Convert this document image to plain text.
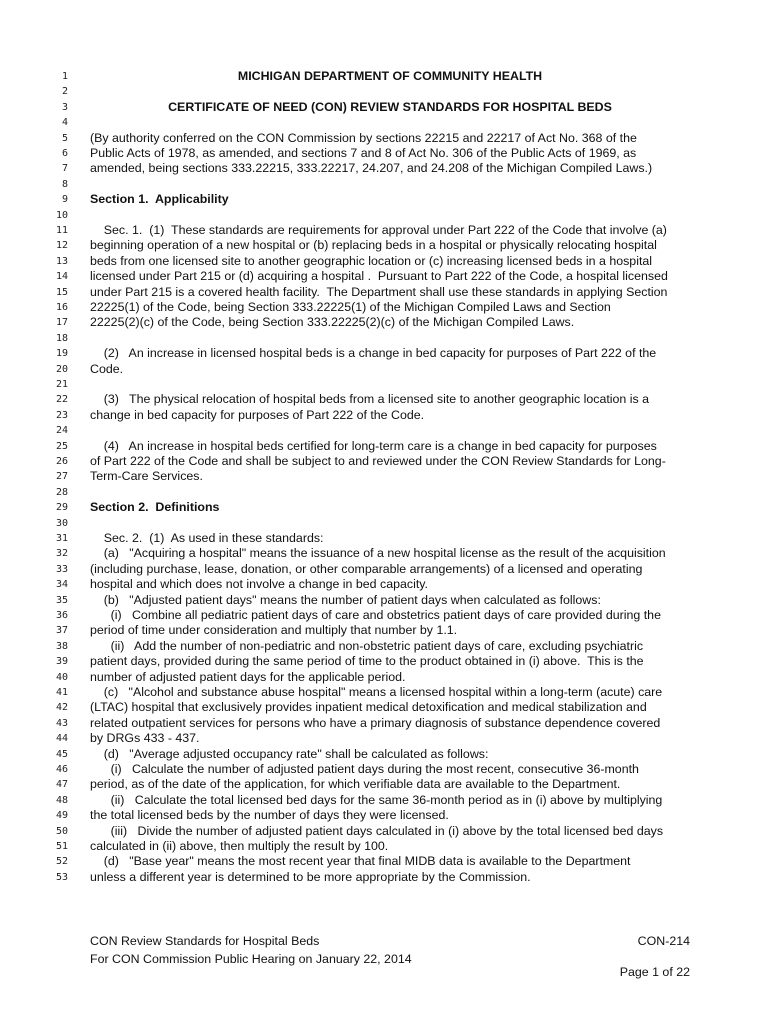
1	MICHIGAN DEPARTMENT OF COMMUNITY HEALTH
2
3	CERTIFICATE OF NEED (CON) REVIEW STANDARDS FOR HOSPITAL BEDS
4
5 (By authority conferred on the CON Commission by sections 22215 and 22217 of Act No. 368 of the
6 Public Acts of 1978, as amended, and sections 7 and 8 of Act No. 306 of the Public Acts of 1969, as
7 amended, being sections 333.22215, 333.22217, 24.207, and 24.208 of the Michigan Compiled Laws.)
8
9 Section 1.  Applicability
10
11 Sec. 1.  (1)  These standards are requirements for approval under Part 222 of the Code that involve (a)
12 beginning operation of a new hospital or (b) replacing beds in a hospital or physically relocating hospital
13 beds from one licensed site to another geographic location or (c) increasing licensed beds in a hospital
14 licensed under Part 215 or (d) acquiring a hospital .  Pursuant to Part 222 of the Code, a hospital licensed
15 under Part 215 is a covered health facility.  The Department shall use these standards in applying Section
16 22225(1) of the Code, being Section 333.22225(1) of the Michigan Compiled Laws and Section
17 22225(2)(c) of the Code, being Section 333.22225(2)(c) of the Michigan Compiled Laws.
18
19 (2)   An increase in licensed hospital beds is a change in bed capacity for purposes of Part 222 of the
20 Code.
21
22 (3)   The physical relocation of hospital beds from a licensed site to another geographic location is a
23 change in bed capacity for purposes of Part 222 of the Code.
24
25 (4)   An increase in hospital beds certified for long-term care is a change in bed capacity for purposes
26 of Part 222 of the Code and shall be subject to and reviewed under the CON Review Standards for Long-
27 Term-Care Services.
28
29 Section 2.  Definitions
30
31 Sec. 2.  (1)  As used in these standards:
32 (a)   "Acquiring a hospital" means the issuance of a new hospital license as the result of the acquisition
33 (including purchase, lease, donation, or other comparable arrangements) of a licensed and operating
34 hospital and which does not involve a change in bed capacity.
35 (b)   "Adjusted patient days" means the number of patient days when calculated as follows:
36 (i)   Combine all pediatric patient days of care and obstetrics patient days of care provided during the
37 period of time under consideration and multiply that number by 1.1.
38 (ii)   Add the number of non-pediatric and non-obstetric patient days of care, excluding psychiatric
39 patient days, provided during the same period of time to the product obtained in (i) above.  This is the
40 number of adjusted patient days for the applicable period.
41 (c)   "Alcohol and substance abuse hospital" means a licensed hospital within a long-term (acute) care
42 (LTAC) hospital that exclusively provides inpatient medical detoxification and medical stabilization and
43 related outpatient services for persons who have a primary diagnosis of substance dependence covered
44 by DRGs 433 - 437.
45 (d)   "Average adjusted occupancy rate" shall be calculated as follows:
46 (i)   Calculate the number of adjusted patient days during the most recent, consecutive 36-month
47 period, as of the date of the application, for which verifiable data are available to the Department.
48 (ii)   Calculate the total licensed bed days for the same 36-month period as in (i) above by multiplying
49 the total licensed beds by the number of days they were licensed.
50 (iii)   Divide the number of adjusted patient days calculated in (i) above by the total licensed bed days
51 calculated in (ii) above, then multiply the result by 100.
52 (d)   "Base year" means the most recent year that final MIDB data is available to the Department
53 unless a different year is determined to be more appropriate by the Commission.
CON Review Standards for Hospital Beds
For CON Commission Public Hearing on January 22, 2014
CON-214
Page 1 of 22
